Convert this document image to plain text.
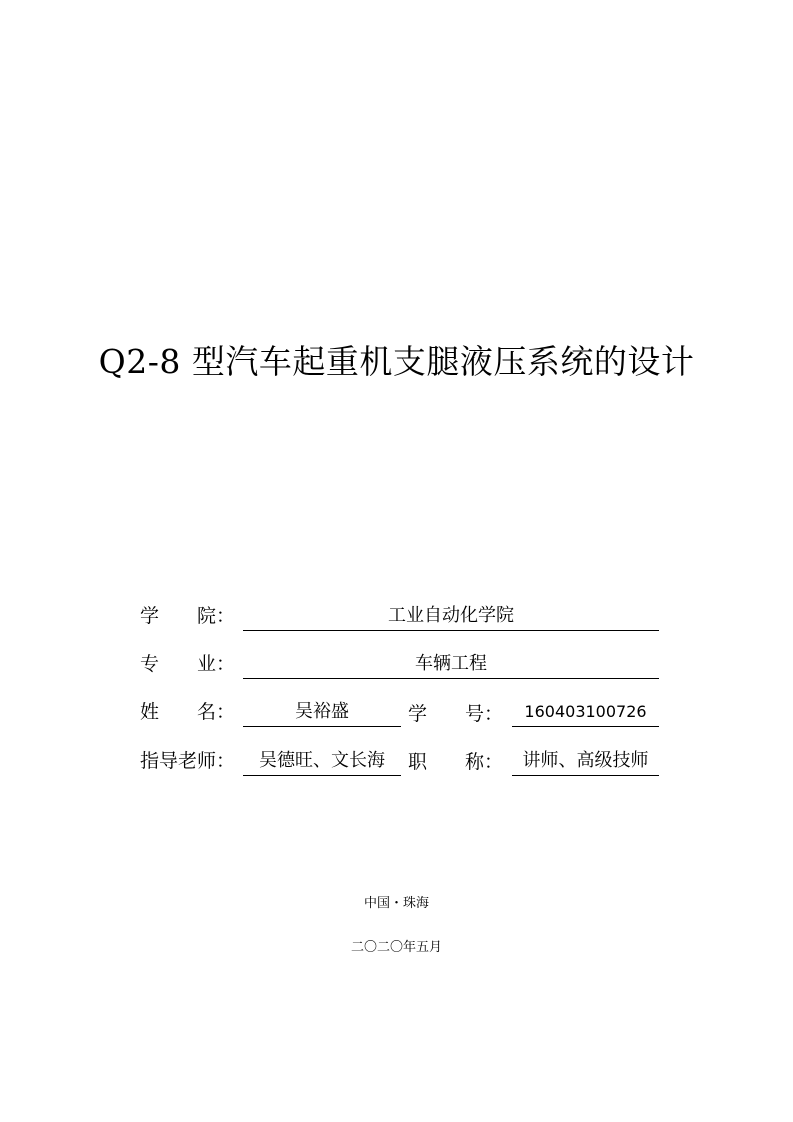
Q2-8 型汽车起重机支腿液压系统的设计
学　　院：	工业自动化学院
专　　业：	车辆工程
姓　　名：	吴裕盛	学　　号：	160403100726
指导老师：	吴德旺、文长海	职　　称：	讲师、高级技师
中国・珠海
二〇二〇年五月
